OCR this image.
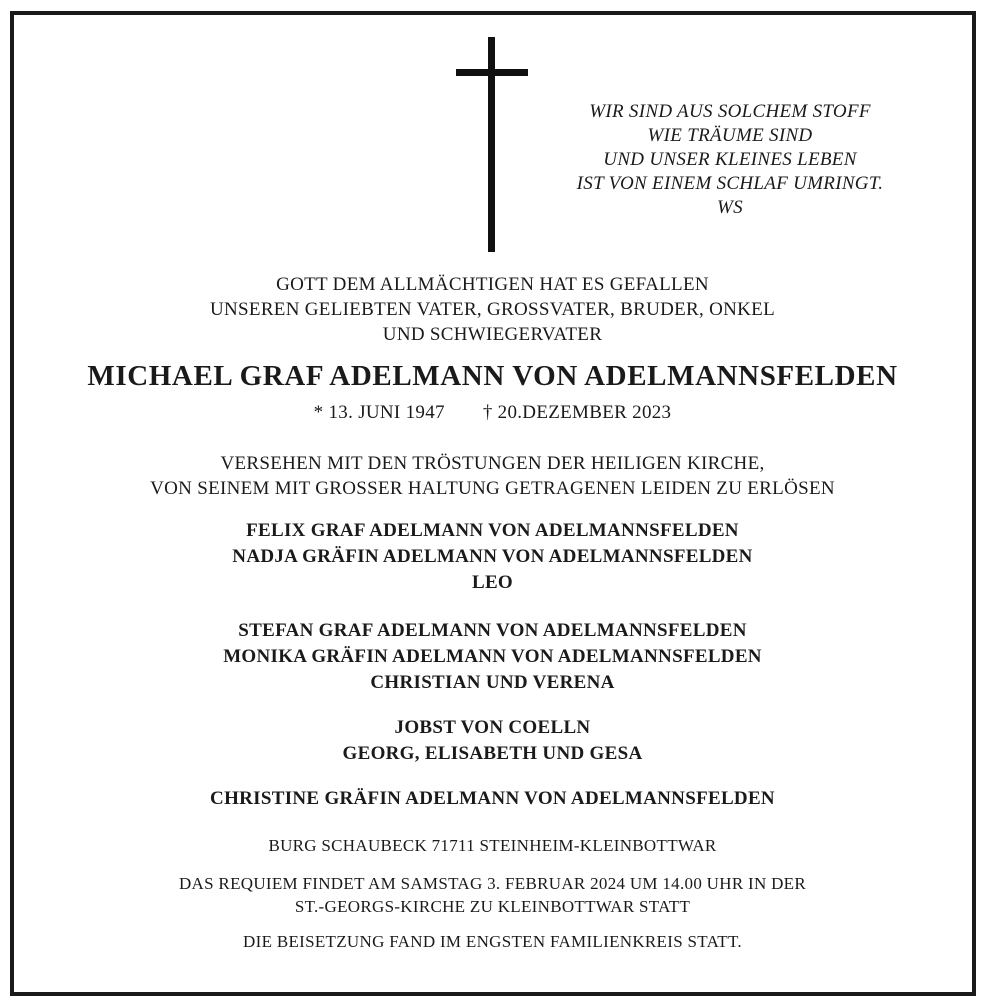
WIR SIND AUS SOLCHEM STOFF
WIE TRÄUME SIND
UND UNSER KLEINES LEBEN
IST VON EINEM SCHLAF UMRINGT.
WS
GOTT DEM ALLMÄCHTIGEN HAT ES GEFALLEN
UNSEREN GELIEBTEN VATER, GROSSVATER, BRUDER, ONKEL
UND SCHWIEGERVATER
MICHAEL GRAF ADELMANN VON ADELMANNSFELDEN
* 13. JUNI 1947 † 20.DEZEMBER 2023
VERSEHEN MIT DEN TRÖSTUNGEN DER HEILIGEN KIRCHE,
VON SEINEM MIT GROSSER HALTUNG GETRAGENEN LEIDEN ZU ERLÖSEN
FELIX GRAF ADELMANN VON ADELMANNSFELDEN
NADJA GRÄFIN ADELMANN VON ADELMANNSFELDEN
LEO
STEFAN GRAF ADELMANN VON ADELMANNSFELDEN
MONIKA GRÄFIN ADELMANN VON ADELMANNSFELDEN
CHRISTIAN UND VERENA
JOBST VON COELLN
GEORG, ELISABETH UND GESA
CHRISTINE GRÄFIN ADELMANN VON ADELMANNSFELDEN
BURG SCHAUBECK 71711 STEINHEIM-KLEINBOTTWAR
DAS REQUIEM FINDET AM SAMSTAG 3. FEBRUAR 2024 UM 14.00 UHR IN DER
ST.-GEORGS-KIRCHE ZU KLEINBOTTWAR STATT
DIE BEISETZUNG FAND IM ENGSTEN FAMILIENKREIS STATT.
